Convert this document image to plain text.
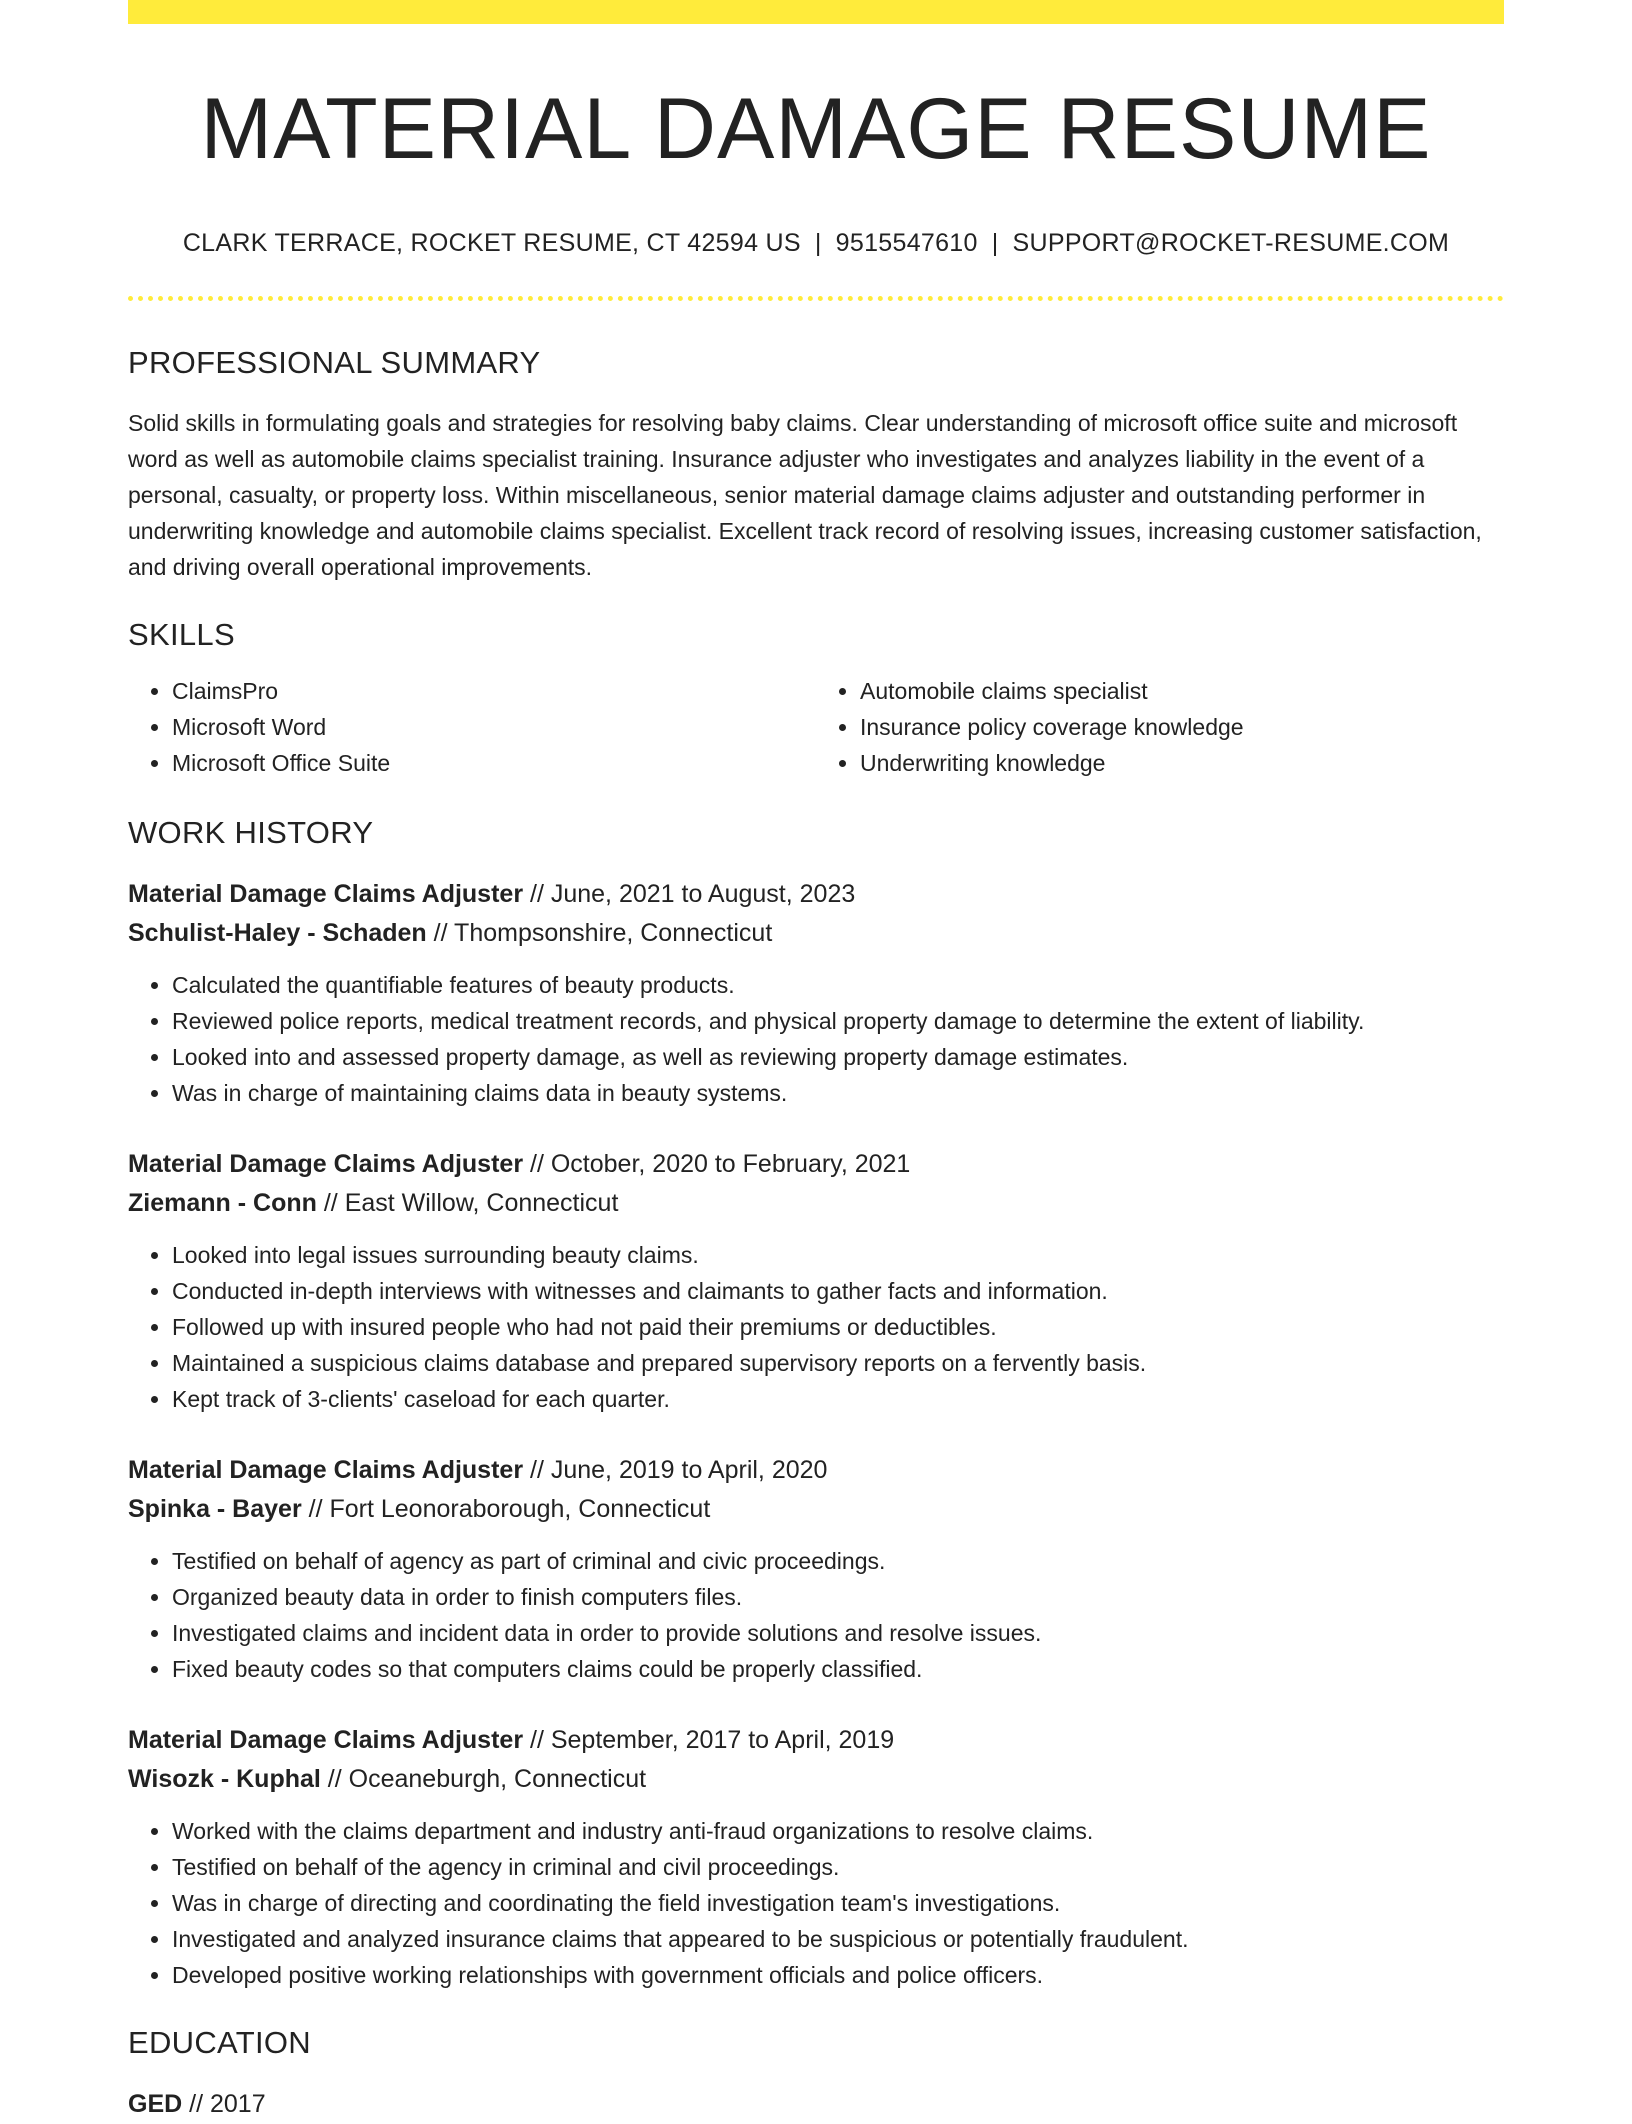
MATERIAL DAMAGE RESUME
CLARK TERRACE, ROCKET RESUME, CT 42594 US | 9515547610 | SUPPORT@ROCKET-RESUME.COM
PROFESSIONAL SUMMARY
Solid skills in formulating goals and strategies for resolving baby claims. Clear understanding of microsoft office suite and microsoft word as well as automobile claims specialist training. Insurance adjuster who investigates and analyzes liability in the event of a personal, casualty, or property loss. Within miscellaneous, senior material damage claims adjuster and outstanding performer in underwriting knowledge and automobile claims specialist. Excellent track record of resolving issues, increasing customer satisfaction, and driving overall operational improvements.
SKILLS
• ClaimsPro
• Microsoft Word
• Microsoft Office Suite
• Automobile claims specialist
• Insurance policy coverage knowledge
• Underwriting knowledge
WORK HISTORY
Material Damage Claims Adjuster // June, 2021 to August, 2023
Schulist-Haley - Schaden // Thompsonshire, Connecticut
• Calculated the quantifiable features of beauty products.
• Reviewed police reports, medical treatment records, and physical property damage to determine the extent of liability.
• Looked into and assessed property damage, as well as reviewing property damage estimates.
• Was in charge of maintaining claims data in beauty systems.
Material Damage Claims Adjuster // October, 2020 to February, 2021
Ziemann - Conn // East Willow, Connecticut
• Looked into legal issues surrounding beauty claims.
• Conducted in-depth interviews with witnesses and claimants to gather facts and information.
• Followed up with insured people who had not paid their premiums or deductibles.
• Maintained a suspicious claims database and prepared supervisory reports on a fervently basis.
• Kept track of 3-clients' caseload for each quarter.
Material Damage Claims Adjuster // June, 2019 to April, 2020
Spinka - Bayer // Fort Leonoraborough, Connecticut
• Testified on behalf of agency as part of criminal and civic proceedings.
• Organized beauty data in order to finish computers files.
• Investigated claims and incident data in order to provide solutions and resolve issues.
• Fixed beauty codes so that computers claims could be properly classified.
Material Damage Claims Adjuster // September, 2017 to April, 2019
Wisozk - Kuphal // Oceaneburgh, Connecticut
• Worked with the claims department and industry anti-fraud organizations to resolve claims.
• Testified on behalf of the agency in criminal and civil proceedings.
• Was in charge of directing and coordinating the field investigation team's investigations.
• Investigated and analyzed insurance claims that appeared to be suspicious or potentially fraudulent.
• Developed positive working relationships with government officials and police officers.
EDUCATION
GED // 2017
